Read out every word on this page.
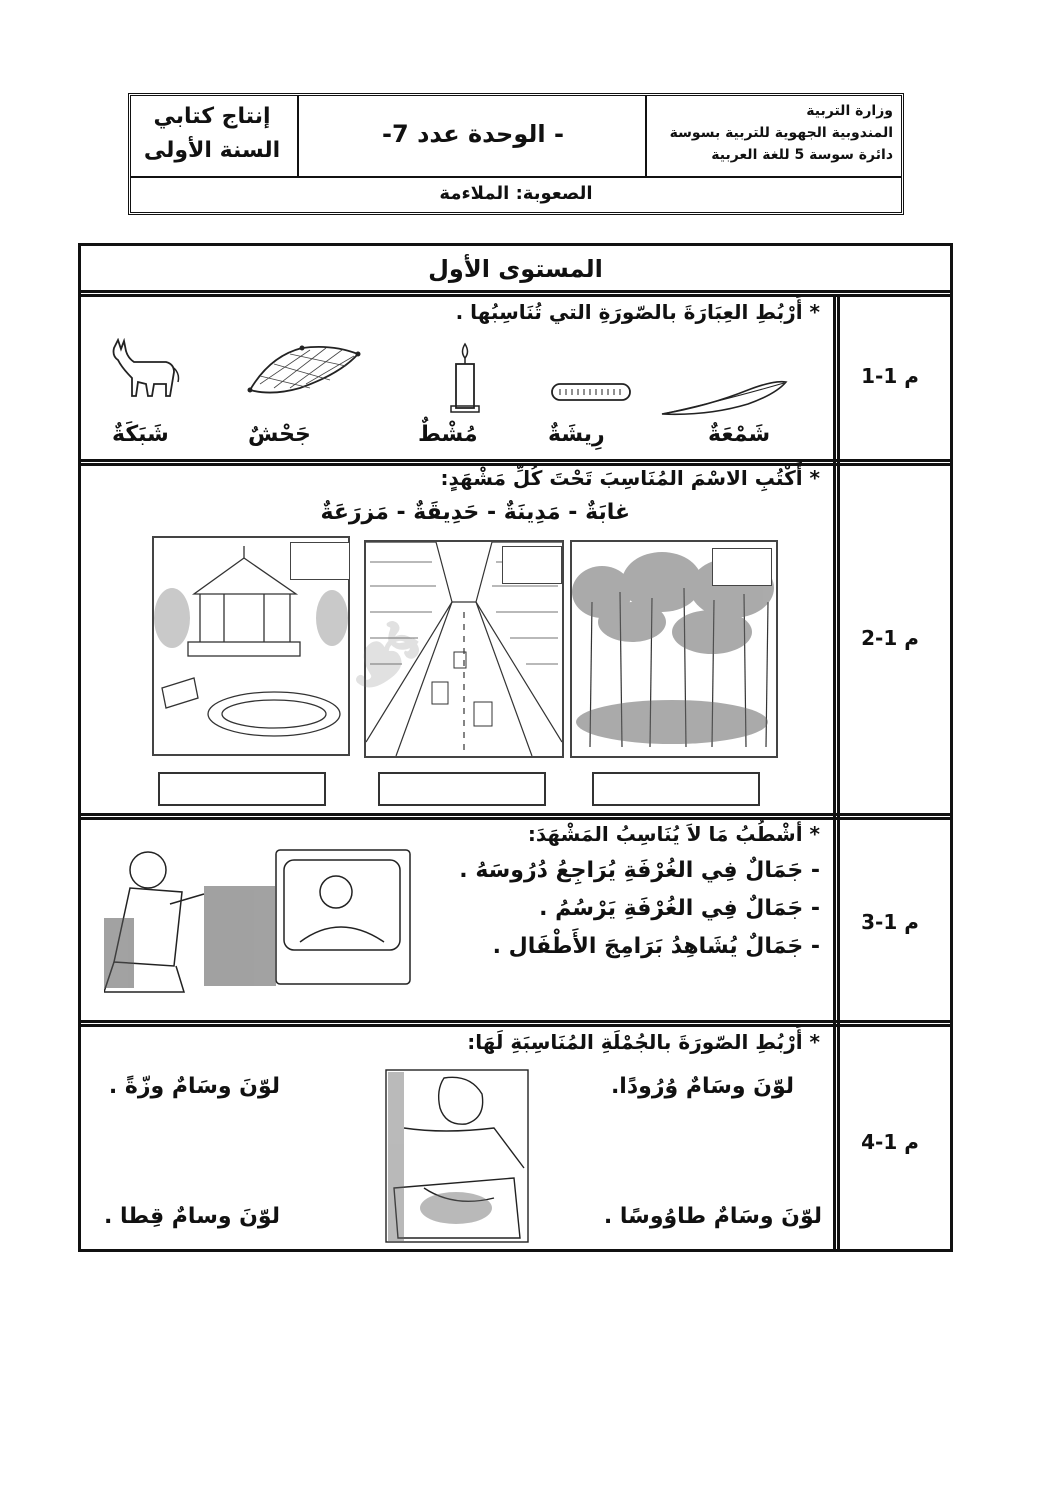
إنتاج كتابي
السنة الأولى
- الوحدة عدد 7-
وزارة التربية
المندوبية الجهوية للتربية بسوسة
دائرة سوسة 5 للغة العربية
الصعوبة: الملاءمة
المستوى الأول
م 1-1
م 1-2
م 1-3
م 1-4
* أَرْبُطِ العِبَارَةَ بالصّورَةِ التي تُنَاسِبُها .
شَمْعَةٌ
رِيشَةٌ
مُشْطٌ
جَحْشٌ
شَبَكَةٌ
* أَكْتُبِ الاسْمَ المُنَاسِبَ تَحْتَ كُلِّ مَشْهَدٍ:
غابَةٌ - مَدِينَةٌ - حَدِيقَةٌ - مَزرَعَةٌ
* أَشْطُبُ مَا لاَ يُنَاسِبُ المَشْهَدَ:
- جَمَالٌ فِي الغُرْفَةِ يُرَاجِعُ دُرُوسَهُ .
- جَمَالٌ فِي الغُرْفَةِ يَرْسُمُ .
- جَمَالٌ يُشَاهِدُ بَرَامِجَ الأَطْفَال .
* أَرْبُطِ الصّورَةَ بالجُمْلَةِ المُنَاسِبَةِ لَهَا:
لوّنَ وسَامٌ وُرُودًا.
لوّنَ وسَامٌ وزّةً .
لوّنَ وسَامٌ طاوُوسًا .
لوّنَ وسامٌ قِطا .
☙
